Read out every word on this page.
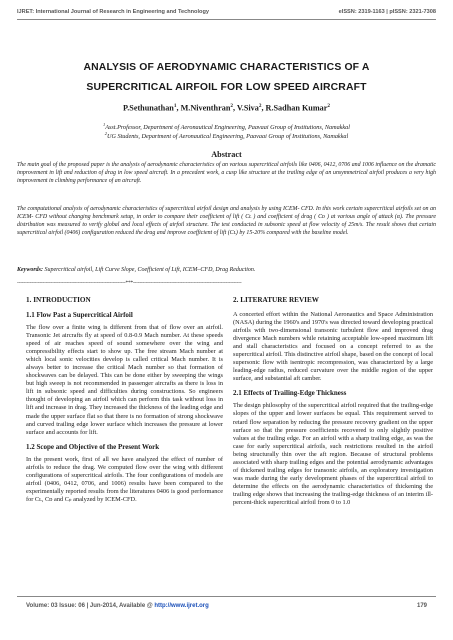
IJRET: International Journal of Research in Engineering and Technology	eISSN: 2319-1163 | pISSN: 2321-7308
ANALYSIS OF AERODYNAMIC CHARACTERISTICS OF A
SUPERCRITICAL AIRFOIL FOR LOW SPEED AIRCRAFT
P.Sethunathan$^1$, M.Niventhran$^2$, V.Siva$^2$, R.Sadhan Kumar$^2$
$^1$Asst.Professor, Department of Aeronautical Engineering, Paavaai Group of Institutions, Namakkal
$^2$UG Students, Department of Aeronautical Engineering, Paavaai Group of Institutions, Namakkal
Abstract
The main goal of the proposed paper is the analysis of aerodynamic characteristics of an various supercritical airfoils like 0406, 0412, 0706 and 1006 influence on the dramatic improvement in lift and reduction of drag in low speed aircraft. In a precedent work, a cusp like structure at the trailing edge of an unsymmetrical airfoil produces a very high improvement in climbing performance of an aircraft.
The computational analysis of aerodynamic characteristics of supercritical airfoil design and analysis by using ICEM- CFD. In this work certain supercritical airfoils set on an ICEM- CFD without changing benchmark setup, in order to compare their coefficient of lift ( Cʟ ) and coefficient of drag ( Cᴅ ) at various angle of attack (α). The pressure distribution was measured to verify global and local effects of airfoil structure. The test conducted in subsonic speed at flow velocity of 25m/s. The result shows that certain supercritical airfoil (0406) configuration reduced the drag and improve coefficient of lift (Cʟ) by 15-20% compared with the baseline model.
Keywords: Supercritical airfoil, Lift Curve Slope, Coefficient of Lift, ICEM–CFD, Drag Reduction.
--------------------------------------------------------------------***--------------------------------------------------------------------
1. INTRODUCTION
1.1 Flow Past a Supercritical Airfoil
The flow over a finite wing is different from that of flow over an airfoil. Transonic Jet aircrafts fly at speed of 0.8-0.9 Mach number. At these speeds speed of air reaches speed of sound somewhere over the wing and compressibility effects start to show up. The free stream Mach number at which local sonic velocities develop is called critical Mach number. It is always better to increase the critical Mach number so that formation of shockwaves can be delayed. This can be done either by sweeping the wings but high sweep is not recommended in passenger aircrafts as there is loss in lift in subsonic speed and difficulties during constructions. So engineers thought of developing an airfoil which can perform this task without loss in lift and increase in drag. They increased the thickness of the leading edge and made the upper surface flat so that there is no formation of strong shockwave and curved trailing edge lower surface which increases the pressure at lower surface and accounts for lift.
1.2 Scope and Objective of the Present Work
In the present work, first of all we have analyzed the effect of number of airfoils to reduce the drag. We computed flow over the wing with different configurations of supercritical airfoils. The four configurations of models are airfoil (0406, 0412, 0706, and 1006) results have been compared to the experimentally reported results from the literatures 0406 is good performance for Cʟ, Cᴅ and Cₚ analyzed by ICEM-CFD.
2. LITERATURE REVIEW
A concerted effort within the National Aeronautics and Space Administration (NASA) during the 1960's and 1970's was directed toward developing practical airfoils with two-dimensional transonic turbulent flow and improved drag divergence Mach numbers while retaining acceptable low-speed maximum lift and stall characteristics and focused on a concept referred to as the supercritical airfoil. This distinctive airfoil shape, based on the concept of local supersonic flow with isentropic recompression, was characterized by a large leading-edge radius, reduced curvature over the middle region of the upper surface, and substantial aft camber.
2.1 Effects of Trailing-Edge Thickness
The design philosophy of the supercritical airfoil required that the trailing-edge slopes of the upper and lower surfaces be equal. This requirement served to retard flow separation by reducing the pressure recovery gradient on the upper surface so that the pressure coefficients recovered to only slightly positive values at the trailing edge. For an airfoil with a sharp trailing edge, as was the case for early supercritical airfoils, such restrictions resulted in the airfoil being structurally thin over the aft region. Because of structural problems associated with sharp trailing edges and the potential aerodynamic advantages of thickened trailing edges for transonic airfoils, an exploratory investigation was made during the early development phases of the supercritical airfoil to determine the effects on the aerodynamic characteristics of thickening the trailing edge shows that increasing the trailing-edge thickness of an interim ill-percent-thick supercritical airfoil from 0 to 1.0
Volume: 03 Issue: 06 | Jun-2014, Available @ http://www.ijret.org	179
